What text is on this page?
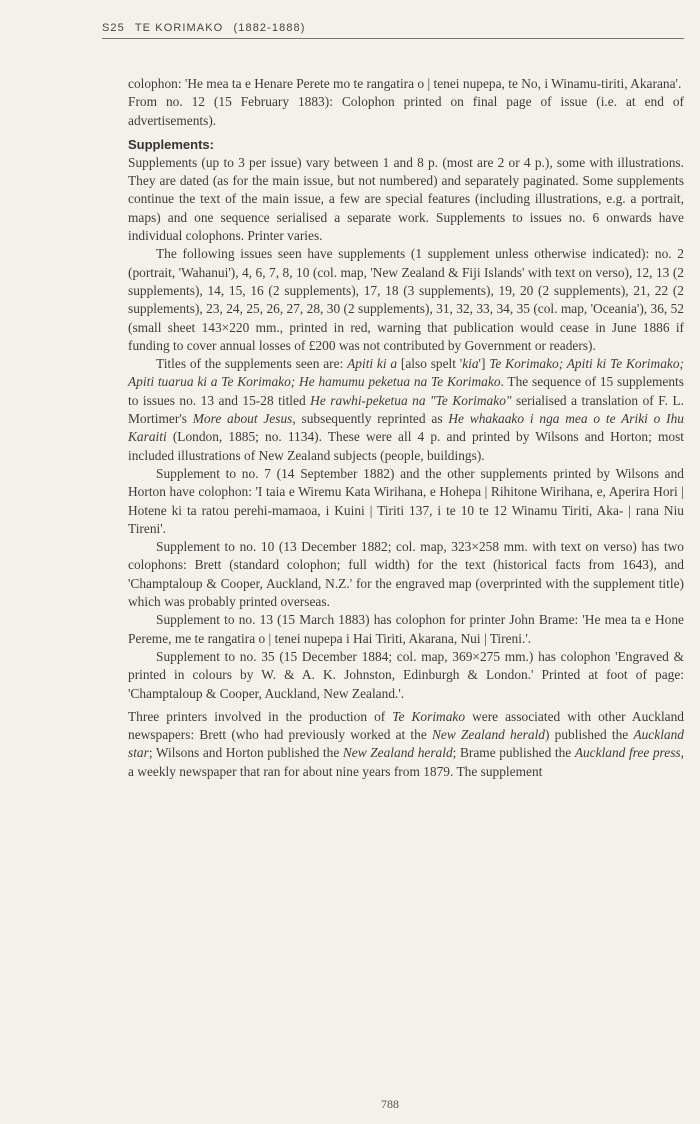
S25 TE KORIMAKO (1882-1888)

colophon: 'He mea ta e Henare Perete mo te rangatira o | tenei nupepa, te No, i Winamu-tiriti, Akarana'.

From no. 12 (15 February 1883): Colophon printed on final page of issue (i.e. at end of advertisements).

Supplements:

Supplements (up to 3 per issue) vary between 1 and 8 p. (most are 2 or 4 p.), some with illustrations. They are dated (as for the main issue, but not numbered) and separately paginated. Some supplements continue the text of the main issue, a few are special features (including illustrations, e.g. a portrait, maps) and one sequence serialised a separate work. Supplements to issues no. 6 onwards have individual colophons. Printer varies.

The following issues seen have supplements (1 supplement unless otherwise indicated): no. 2 (portrait, 'Wahanui'), 4, 6, 7, 8, 10 (col. map, 'New Zealand & Fiji Islands' with text on verso), 12, 13 (2 supplements), 14, 15, 16 (2 supplements), 17, 18 (3 supplements), 19, 20 (2 supplements), 21, 22 (2 supplements), 23, 24, 25, 26, 27, 28, 30 (2 supplements), 31, 32, 33, 34, 35 (col. map, 'Oceania'), 36, 52 (small sheet 143×220 mm., printed in red, warning that publication would cease in June 1886 if funding to cover annual losses of £200 was not contributed by Government or readers).

Titles of the supplements seen are: Apiti ki a [also spelt 'kia'] Te Korimako; Apiti ki Te Korimako; Apiti tuarua ki a Te Korimako; He hamumu peketua na Te Korimako. The sequence of 15 supplements to issues no. 13 and 15-28 titled He rawhi-peketua na "Te Korimako" serialised a translation of F. L. Mortimer's More about Jesus, subsequently reprinted as He whakaako i nga mea o te Ariki o Ihu Karaiti (London, 1885; no. 1134). These were all 4 p. and printed by Wilsons and Horton; most included illustrations of New Zealand subjects (people, buildings).

Supplement to no. 7 (14 September 1882) and the other supplements printed by Wilsons and Horton have colophon: 'I taia e Wiremu Kata Wirihana, e Hohepa | Rihitone Wirihana, e, Aperira Hori | Hotene ki ta ratou perehi-mamaoa, i Kuini | Tiriti 137, i te 10 te 12 Winamu Tiriti, Aka- | rana Niu Tireni'.

Supplement to no. 10 (13 December 1882; col. map, 323×258 mm. with text on verso) has two colophons: Brett (standard colophon; full width) for the text (historical facts from 1643), and 'Champtaloup & Cooper, Auckland, N.Z.' for the engraved map (overprinted with the supplement title) which was probably printed overseas.

Supplement to no. 13 (15 March 1883) has colophon for printer John Brame: 'He mea ta e Hone Pereme, me te rangatira o | tenei nupepa i Hai Tiriti, Akarana, Nui | Tireni.'.

Supplement to no. 35 (15 December 1884; col. map, 369×275 mm.) has colophon 'Engraved & printed in colours by W. & A. K. Johnston, Edinburgh & London.' Printed at foot of page: 'Champtaloup & Cooper, Auckland, New Zealand.'.

Three printers involved in the production of Te Korimako were associated with other Auckland newspapers: Brett (who had previously worked at the New Zealand herald) published the Auckland star; Wilsons and Horton published the New Zealand herald; Brame published the Auckland free press, a weekly newspaper that ran for about nine years from 1879. The supplement

788
